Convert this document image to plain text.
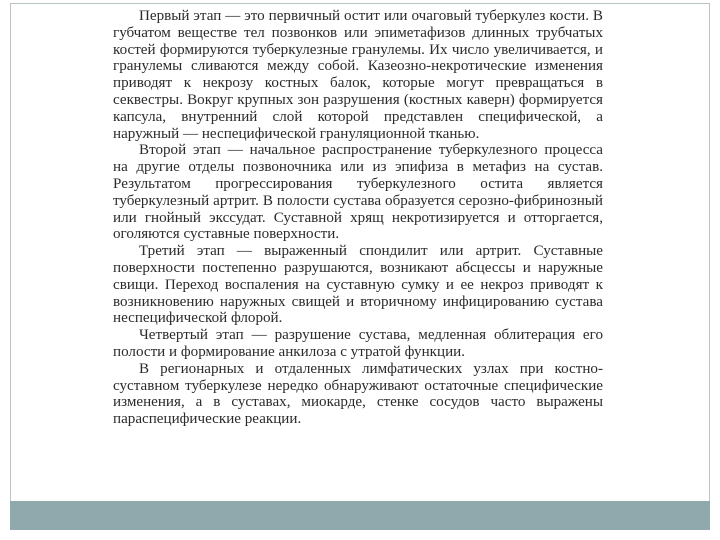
Первый этап — это первичный остит или очаговый туберкулез кости. В губчатом веществе тел позвонков или эпиметафизов длинных трубчатых костей формируются туберкулезные гранулемы. Их число увеличивается, и гранулемы сливаются между собой. Казеозно-некротические изменения приводят к некрозу костных балок, которые могут превращаться в секвестры. Вокруг крупных зон разрушения (костных каверн) формируется капсула, внутренний слой которой представлен специфической, а наружный — неспецифической грануляционной тканью.

Второй этап — начальное распространение туберкулезного процесса на другие отделы позвоночника или из эпифиза в метафиз на сустав. Результатом прогрессирования туберкулезного остита является туберкулезный артрит. В полости сустава образуется серозно-фибринозный или гнойный экссудат. Суставной хрящ некротизируется и отторгается, оголяются суставные поверхности.

Третий этап — выраженный спондилит или артрит. Суставные поверхности постепенно разрушаются, возникают абсцессы и наружные свищи. Переход воспаления на суставную сумку и ее некроз приводят к возникновению наружных свищей и вторичному инфицированию сустава неспецифической флорой.

Четвертый этап — разрушение сустава, медленная облитерация его полости и формирование анкилоза с утратой функции.

В регионарных и отдаленных лимфатических узлах при костно-суставном туберкулезе нередко обнаруживают остаточные специфические изменения, а в суставах, миокарде, стенке сосудов часто выражены параспецифические реакции.
